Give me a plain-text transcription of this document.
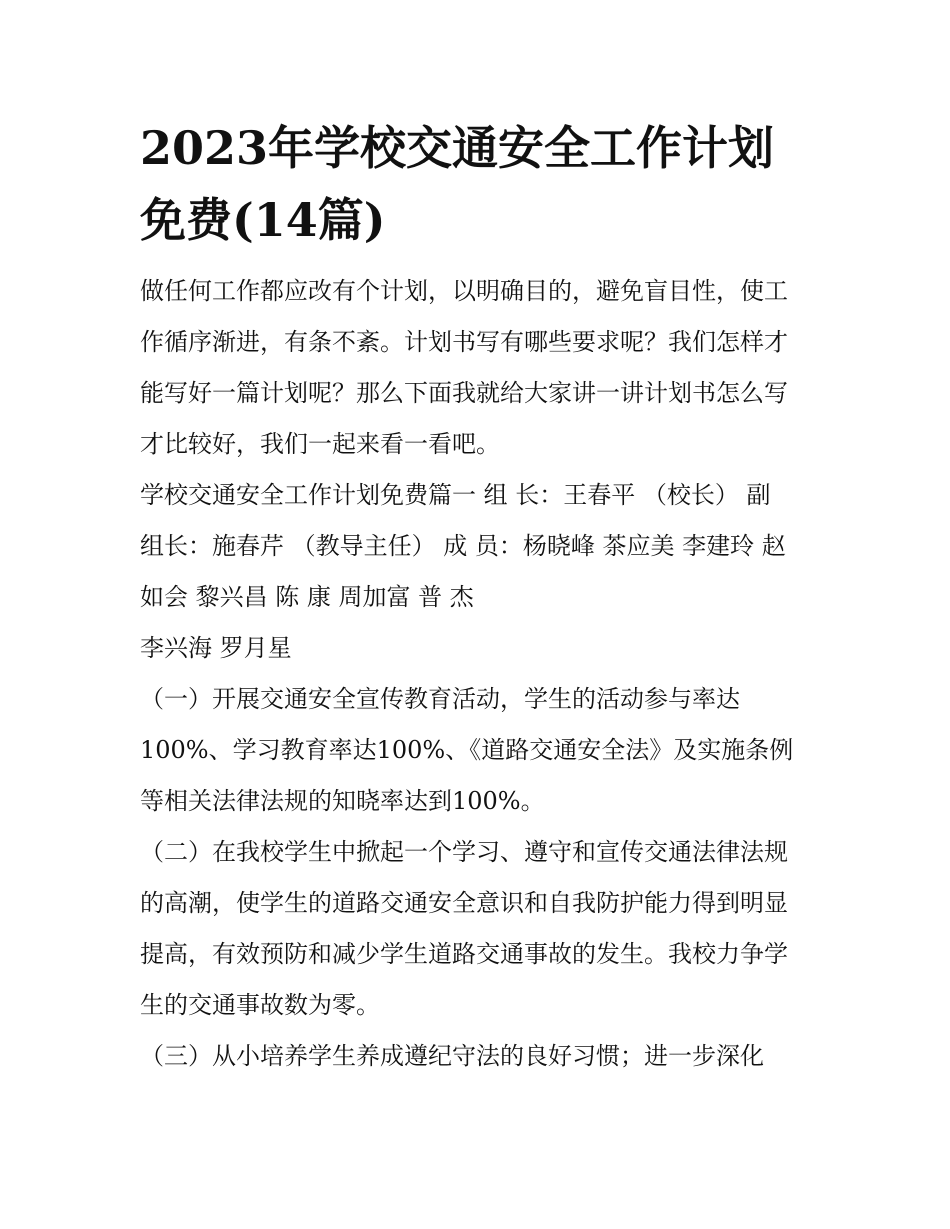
2023年学校交通安全工作计划
免费(14篇)
做任何工作都应改有个计划，以明确目的，避免盲目性，使工
作循序渐进，有条不紊。计划书写有哪些要求呢？我们怎样才
能写好一篇计划呢？那么下面我就给大家讲一讲计划书怎么写
才比较好，我们一起来看一看吧。
学校交通安全工作计划免费篇一 组 长：王春平 （校长） 副
组长：施春芹 （教导主任） 成 员：杨晓峰 茶应美 李建玲 赵
如会 黎兴昌 陈 康 周加富 普 杰
李兴海 罗月星
（一）开展交通安全宣传教育活动，学生的活动参与率达
100%、学习教育率达100%、《道路交通安全法》及实施条例
等相关法律法规的知晓率达到100%。
（二）在我校学生中掀起一个学习、遵守和宣传交通法律法规
的高潮，使学生的道路交通安全意识和自我防护能力得到明显
提高，有效预防和减少学生道路交通事故的发生。我校力争学
生的交通事故数为零。
（三）从小培养学生养成遵纪守法的良好习惯；进一步深化
